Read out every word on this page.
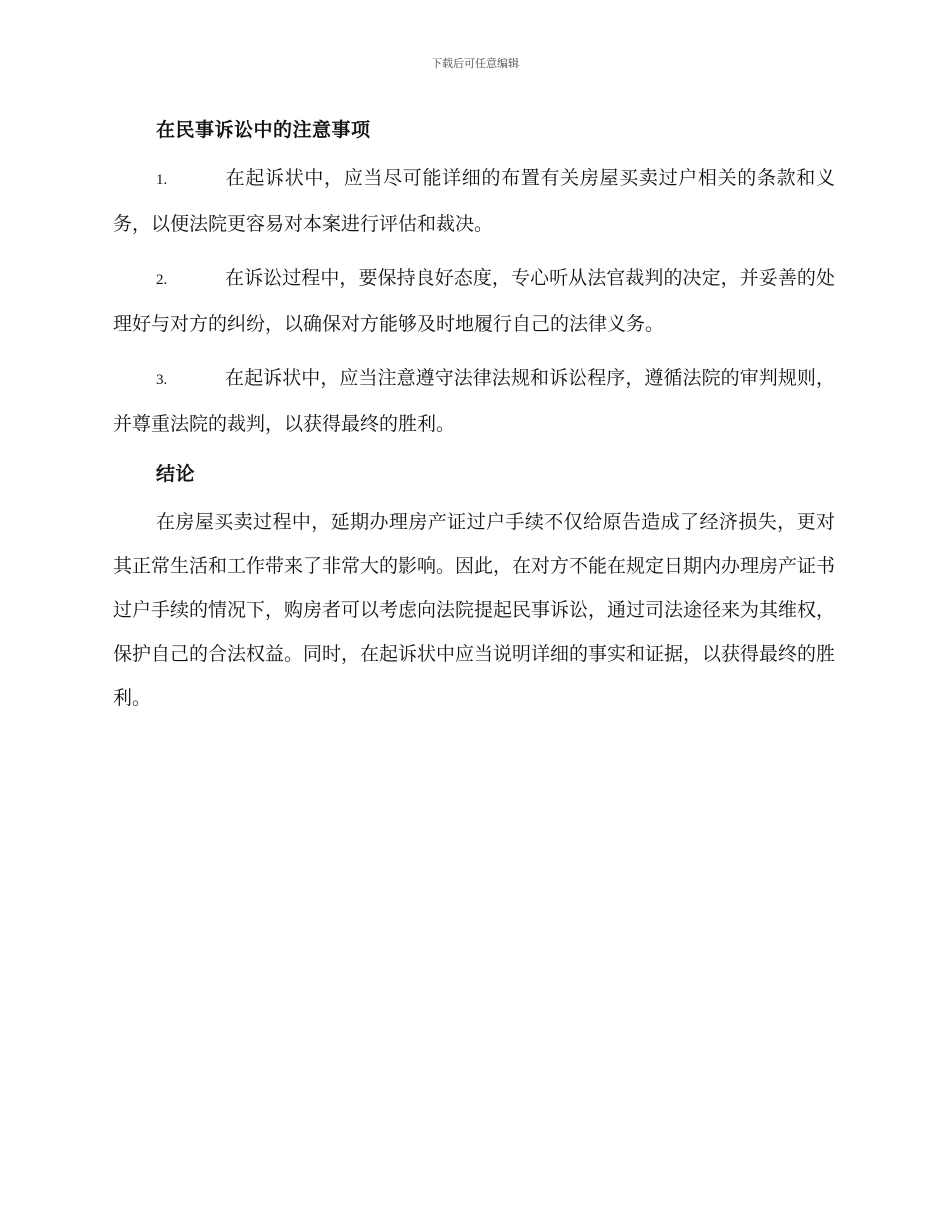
下载后可任意编辑
在民事诉讼中的注意事项

1.	在起诉状中，应当尽可能详细的布置有关房屋买卖过户相关的条款和义务，以便法院更容易对本案进行评估和裁决。

2.	在诉讼过程中，要保持良好态度，专心听从法官裁判的决定，并妥善的处理好与对方的纠纷，以确保对方能够及时地履行自己的法律义务。

3.	在起诉状中，应当注意遵守法律法规和诉讼程序，遵循法院的审判规则，并尊重法院的裁判，以获得最终的胜利。

结论

在房屋买卖过程中，延期办理房产证过户手续不仅给原告造成了经济损失，更对其正常生活和工作带来了非常大的影响。因此，在对方不能在规定日期内办理房产证书过户手续的情况下，购房者可以考虑向法院提起民事诉讼，通过司法途径来为其维权，保护自己的合法权益。同时，在起诉状中应当说明详细的事实和证据，以获得最终的胜利。
